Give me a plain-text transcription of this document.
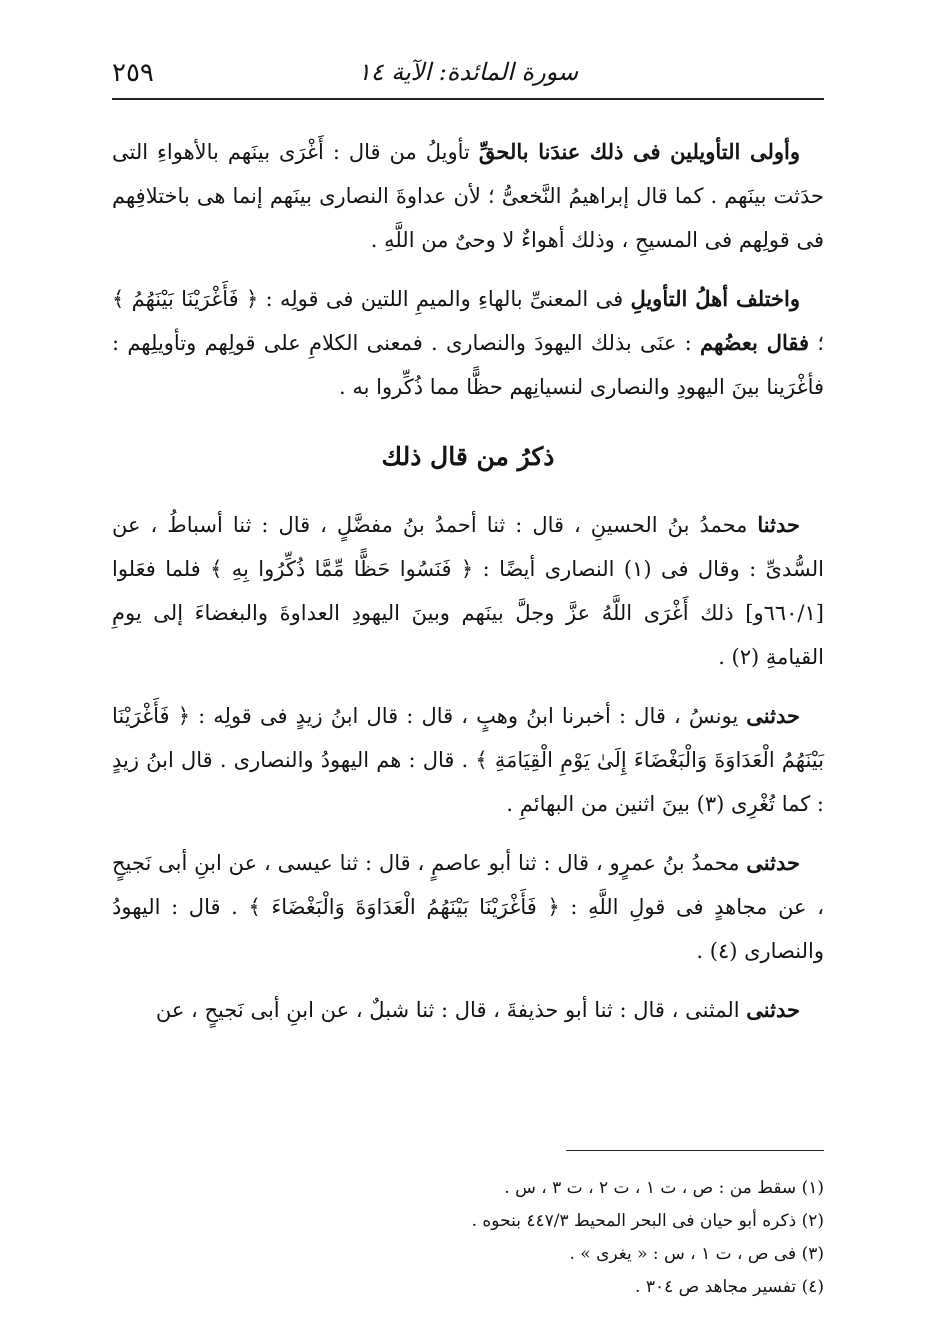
٢٥٩	سورة المائدة: الآية ١٤

وأولى التأويلين فى ذلك عندَنا بالحقِّ تأويلُ من قال : أَغْرَى بينَهم بالأهواءِ التى حدَثت بينَهم . كما قال إبراهيمُ النَّخعىُّ ؛ لأن عداوةَ النصارى بينَهم إنما هى باختلافِهم فى قولِهم فى المسيحِ ، وذلك أهواءٌ لا وحىٌ من اللَّهِ .

واختلف أهلُ التأويلِ فى المعنىِّ بالهاءِ والميمِ اللتين فى قولِه : ﴿ فَأَغْرَيْنَا بَيْنَهُمُ ﴾ ؛ فقال بعضُهم : عنَى بذلك اليهودَ والنصارى . فمعنى الكلامِ على قولِهم وتأويلِهم : فأغْرَينا بينَ اليهودِ والنصارى لنسيانِهم حظًّا مما ذُكِّروا به .

ذكرُ من قال ذلك

حدثنا محمدُ بنُ الحسينِ ، قال : ثنا أحمدُ بنُ مفضَّلٍ ، قال : ثنا أسباطُ ، عن السُّدىِّ : وقال فى (١) النصارى أيضًا : ﴿ فَنَسُوا حَظًّا مِّمَّا ذُكِّرُوا بِهِ ﴾ فلما فعَلوا [٦٦٠/١و] ذلك أَغْرَى اللَّهُ عزَّ وجلَّ بينَهم وبينَ اليهودِ العداوةَ والبغضاءَ إلى يومِ القيامةِ (٢) .

حدثنى يونسُ ، قال : أخبرنا ابنُ وهبٍ ، قال : قال ابنُ زيدٍ فى قولِه : ﴿ فَأَغْرَيْنَا بَيْنَهُمُ الْعَدَاوَةَ وَالْبَغْضَاءَ إِلَىٰ يَوْمِ الْقِيَامَةِ ﴾ . قال : هم اليهودُ والنصارى . قال ابنُ زيدٍ : كما تُغْرِى (٣) بينَ اثنين من البهائمِ .

حدثنى محمدُ بنُ عمرٍو ، قال : ثنا أبو عاصمٍ ، قال : ثنا عيسى ، عن ابنِ أبى نَجيحٍ ، عن مجاهدٍ فى قولِ اللَّهِ : ﴿ فَأَغْرَيْنَا بَيْنَهُمُ الْعَدَاوَةَ وَالْبَغْضَاءَ ﴾ . قال : اليهودُ والنصارى (٤) .

حدثنى المثنى ، قال : ثنا أبو حذيفةَ ، قال : ثنا شبلٌ ، عن ابنِ أبى نَجيحٍ ، عن

(١) سقط من : ص ، ت ١ ، ت ٢ ، ت ٣ ، س .

(٢) ذكره أبو حيان فى البحر المحيط ٤٤٧/٣ بنحوه .

(٣) فى ص ، ت ١ ، س : « يغرى » .

(٤) تفسير مجاهد ص ٣٠٤ .
